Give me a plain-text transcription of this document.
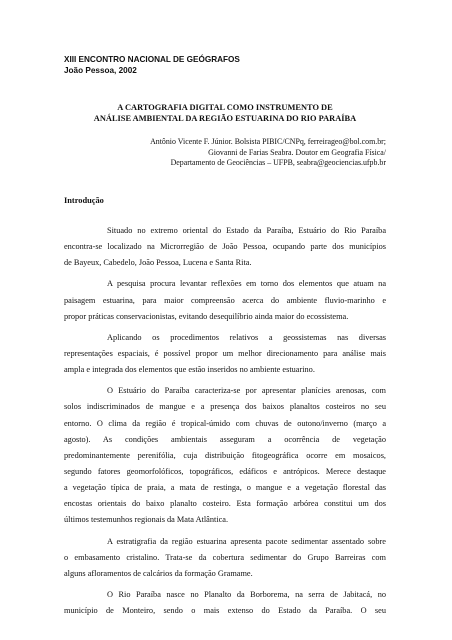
XIII ENCONTRO NACIONAL DE GEÓGRAFOS
João Pessoa, 2002
A CARTOGRAFIA DIGITAL COMO INSTRUMENTO DE
ANÁLISE AMBIENTAL DA REGIÃO ESTUARINA DO RIO PARAÍBA
Antônio Vicente F. Júnior. Bolsista PIBIC/CNPq, ferreirageo@bol.com.br;
Giovanni de Farias Seabra. Doutor em Geografia Física/
Departamento de Geociências – UFPB, seabra@geociencias.ufpb.br
Introdução

Situado no extremo oriental do Estado da Paraíba, Estuário do Rio Paraíba
encontra-se localizado na Microrregião de João Pessoa, ocupando parte dos municípios
de Bayeux, Cabedelo, João Pessoa, Lucena e Santa Rita.

A pesquisa procura levantar reflexões em torno dos elementos que atuam na
paisagem estuarina, para maior compreensão acerca do ambiente fluvio-marinho e
propor práticas conservacionistas, evitando desequilíbrio ainda maior do ecossistema.

Aplicando os procedimentos relativos a geossistemas nas diversas
representações espaciais, é possível propor um melhor direcionamento para análise mais
ampla e integrada dos elementos que estão inseridos no ambiente estuarino.

O Estuário do Paraíba caracteriza-se por apresentar planícies arenosas, com
solos indiscriminados de mangue e a presença dos baixos planaltos costeiros no seu
entorno. O clima da região é tropical-úmido com chuvas de outono/inverno (março a
agosto). As condições ambientais asseguram a ocorrência de vegetação
predominantemente perenifólia, cuja distribuição fitogeográfica ocorre em mosaicos,
segundo fatores geomorfolóficos, topográficos, edáficos e antrópicos. Merece destaque
a vegetação típica de praia, a mata de restinga, o mangue e a vegetação florestal das
encostas orientais do baixo planalto costeiro. Esta formação arbórea constitui um dos
últimos testemunhos regionais da Mata Atlântica.

A estratigrafia da região estuarina apresenta pacote sedimentar assentado sobre
o embasamento cristalino. Trata-se da cobertura sedimentar do Grupo Barreiras com
alguns afloramentos de calcários da formação Gramame.

O Rio Paraíba nasce no Planalto da Borborema, na serra de Jabitacá, no
município de Monteiro, sendo o mais extenso do Estado da Paraíba. O seu
